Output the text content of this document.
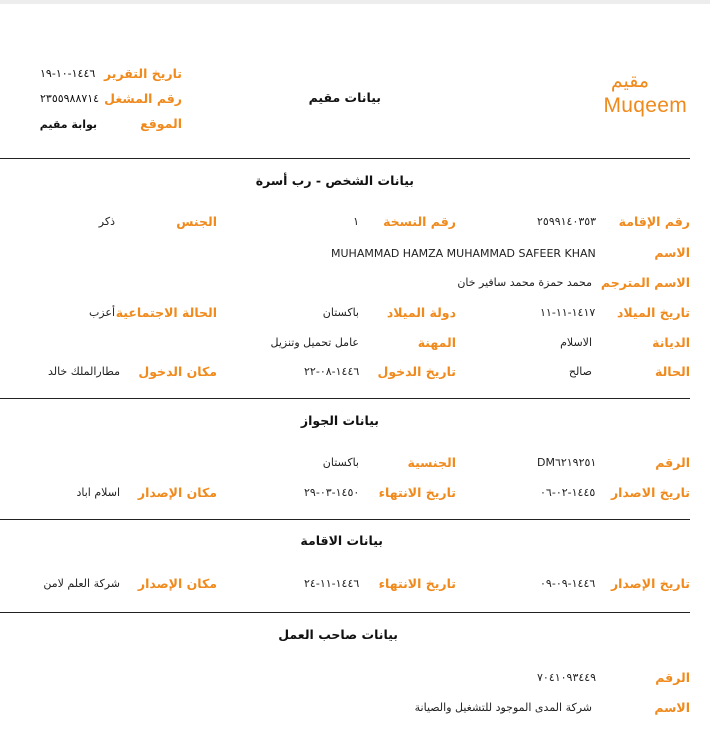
مقيم
Muqeem
بيانات مقيم
تاريخ التقرير
١٤٤٦-١٠-١٩
رقم المشغل
٢٣٥٥٩٨٨٧١٤
الموقع
بوابة مقيم
بيانات الشخص - رب أسرة
رقم الإقامة
٢٥٩٩١٤٠٣٥٣
رقم النسخة
١
الجنس
ذكر
الاسم
MUHAMMAD HAMZA MUHAMMAD SAFEER KHAN
الاسم المترجم
محمد حمزة محمد سافير خان
تاريخ الميلاد
١٤١٧-١١-١١
دولة الميلاد
باكستان
الحالة الاجتماعية
أعزب
الديانة
الاسلام
المهنة
عامل تحميل وتنزيل
الحالة
صالح
تاريخ الدخول
١٤٤٦-٠٨-٢٢
مكان الدخول
مطارالملك خالد
بيانات الجواز
الرقم
DM٦٢١٩٢٥١
الجنسية
باكستان
تاريخ الاصدار
١٤٤٥-٠٢-٠٦
تاريخ الانتهاء
١٤٥٠-٠٣-٢٩
مكان الإصدار
اسلام اباد
بيانات الاقامة
تاريخ الإصدار
١٤٤٦-٠٩-٠٩
تاريخ الانتهاء
١٤٤٦-١١-٢٤
مكان الإصدار
شركة العلم لامن
بيانات صاحب العمل
الرقم
٧٠٤١٠٩٣٤٤٩
الاسم
شركة المدى الموجود للتشغيل والصيانة
